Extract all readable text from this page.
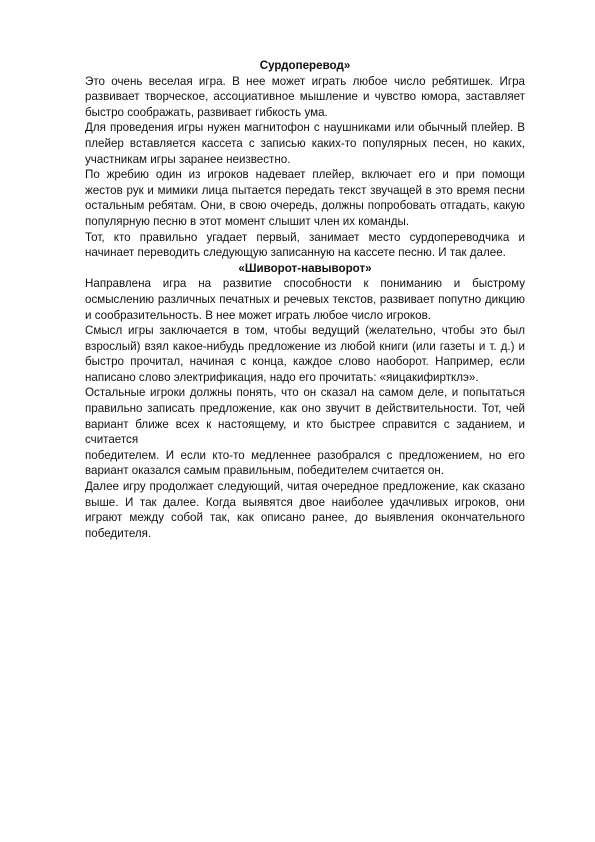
Сурдоперевод»

Это очень веселая игра. В нее может играть любое число ребятишек. Игра развивает творческое, ассоциативное мышление и чувство юмора, заставляет быстро соображать, развивает гибкость ума.

Для проведения игры нужен магнитофон с наушниками или обычный плейер. В плейер вставляется кассета с записью каких-то популярных песен, но каких, участникам игры заранее неизвестно.

По жребию один из игроков надевает плейер, включает его и при помощи жестов рук и мимики лица пытается передать текст звучащей в это время песни остальным ребятам. Они, в свою очередь, должны попробовать отгадать, какую популярную песню в этот момент слышит член их команды.

Тот, кто правильно угадает первый, занимает место сурдопереводчика и начинает переводить следующую записанную на кассете песню. И так далее.

«Шиворот-навыворот»

Направлена игра на развитие способности к пониманию и быстрому осмыслению различных печатных и речевых текстов, развивает попутно дикцию и сообразительность. В нее может играть любое число игроков.

Смысл игры заключается в том, чтобы ведущий (желательно, чтобы это был взрослый) взял какое-нибудь предложение из любой книги (или газеты и т. д.) и быстро прочитал, начиная с конца, каждое слово наоборот. Например, если написано слово электрификация, надо его прочитать: «яицакифиртклэ».

Остальные игроки должны понять, что он сказал на самом деле, и попытаться правильно записать предложение, как оно звучит в действительности. Тот, чей вариант ближе всех к настоящему, и кто быстрее справится с заданием, и считается

победителем. И если кто-то медленнее разобрался с предложением, но его вариант оказался самым правильным, победителем считается он.

Далее игру продолжает следующий, читая очередное предложение, как сказано выше. И так далее. Когда выявятся двое наиболее удачливых игроков, они играют между собой так, как описано ранее, до выявления окончательного победителя.
